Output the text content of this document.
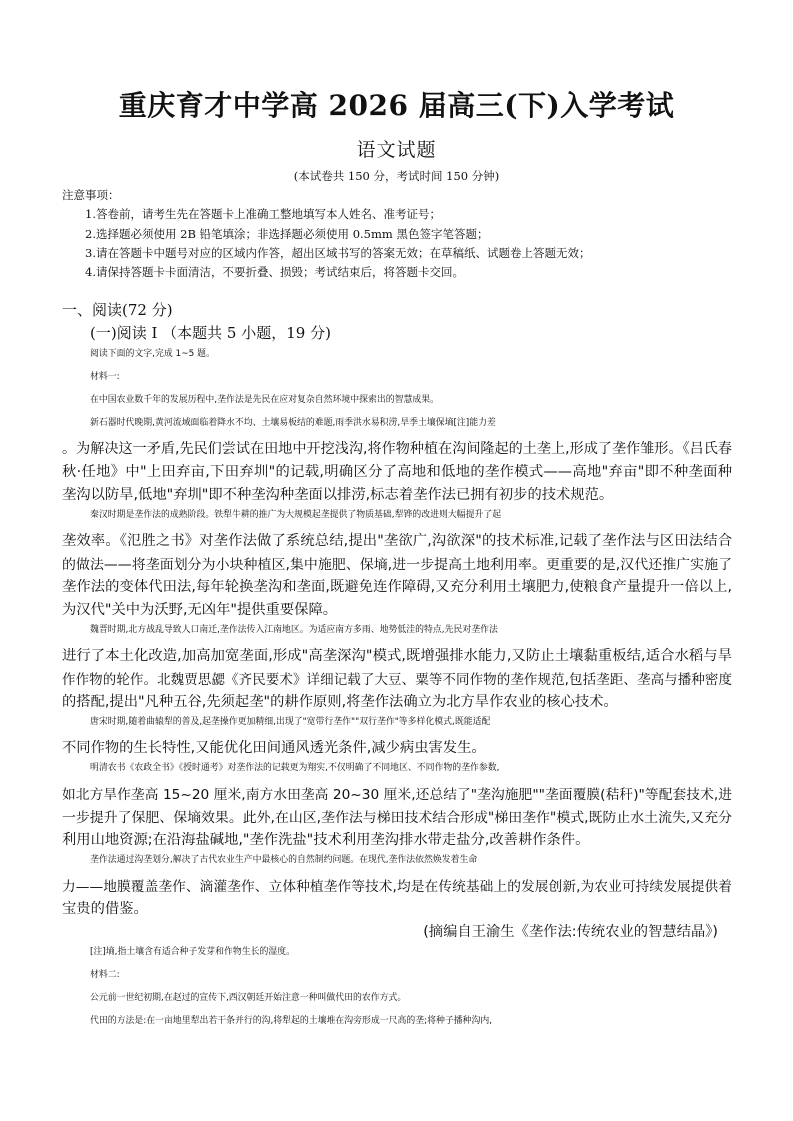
重庆育才中学高 2026 届高三(下)入学考试
语文试题
(本试卷共 150 分，考试时间 150 分钟)
注意事项：
1.答卷前，请考生先在答题卡上准确工整地填写本人姓名、准考证号；
2.选择题必须使用 2B 铅笔填涂；非选择题必须使用 0.5mm 黑色签字笔答题；
3.请在答题卡中题号对应的区域内作答，超出区域书写的答案无效；在草稿纸、试题卷上答题无效；
4.请保持答题卡卡面清洁，不要折叠、损毁；考试结束后，将答题卡交回。
一、阅读(72 分)
(一)阅读 I （本题共 5 小题，19 分)
阅读下面的文字,完成 1~5 题。
材料一:
在中国农业数千年的发展历程中,垄作法是先民在应对复杂自然环境中探索出的智慧成果。
新石器时代晚期,黄河流域面临着降水不均、土壤易板结的难题,雨季洪水易积涝,旱季土壤保墒[注]能力差
。为解决这一矛盾,先民们尝试在田地中开挖浅沟,将作物种植在沟间隆起的土垄上,形成了垄作雏形。《吕氏春
秋·任地》中"上田弃亩,下田弃圳"的记载,明确区分了高地和低地的垄作模式——高地"弃亩"即不种垄面种
垄沟以防旱,低地"弃圳"即不种垄沟种垄面以排涝,标志着垄作法已拥有初步的技术规范。
秦汉时期是垄作法的成熟阶段。铁犁牛耕的推广为大规模起垄提供了物质基础,犁铧的改进则大幅提升了起
垄效率。《氾胜之书》对垄作法做了系统总结,提出"垄欲广,沟欲深"的技术标准,记载了垄作法与区田法结合
的做法——将垄面划分为小块种植区,集中施肥、保墒,进一步提高土地利用率。更重要的是,汉代还推广实施了
垄作法的变体代田法,每年轮换垄沟和垄面,既避免连作障碍,又充分利用土壤肥力,使粮食产量提升一倍以上,
为汉代"关中为沃野,无凶年"提供重要保障。
魏晋时期,北方战乱导致人口南迁,垄作法传入江南地区。为适应南方多雨、地势低洼的特点,先民对垄作法
进行了本土化改造,加高加宽垄面,形成"高垄深沟"模式,既增强排水能力,又防止土壤黏重板结,适合水稻与旱
作作物的轮作。北魏贾思勰《齐民要术》详细记载了大豆、粟等不同作物的垄作规范,包括垄距、垄高与播种密度
的搭配,提出"凡种五谷,先须起垄"的耕作原则,将垄作法确立为北方旱作农业的核心技术。
唐宋时期,随着曲辕犁的普及,起垄操作更加精细,出现了"宽带行垄作""双行垄作"等多样化模式,既能适配
不同作物的生长特性,又能优化田间通风透光条件,减少病虫害发生。
明清农书《农政全书》《授时通考》对垄作法的记载更为翔实,不仅明确了不同地区、不同作物的垄作参数,
如北方旱作垄高 15~20 厘米,南方水田垄高 20~30 厘米,还总结了"垄沟施肥""垄面覆膜(秸秆)"等配套技术,进
一步提升了保肥、保墒效果。此外,在山区,垄作法与梯田技术结合形成"梯田垄作"模式,既防止水土流失,又充分
利用山地资源;在沿海盐碱地,"垄作洗盐"技术利用垄沟排水带走盐分,改善耕作条件。
垄作法通过沟垄划分,解决了古代农业生产中最核心的自然制约问题。在现代,垄作法依然焕发着生命
力——地膜覆盖垄作、滴灌垄作、立体种植垄作等技术,均是在传统基础上的发展创新,为农业可持续发展提供着
宝贵的借鉴。
(摘编自王渝生《垄作法:传统农业的智慧结晶》)
[注]墒,指土壤含有适合种子发芽和作物生长的湿度。
材料二:
公元前一世纪初期,在赵过的宣传下,西汉朝廷开始注意一种叫做代田的农作方式。
代田的方法是:在一亩地里犁出若干条并行的沟,将犁起的土壤堆在沟旁形成一尺高的垄;将种子播种沟内,
